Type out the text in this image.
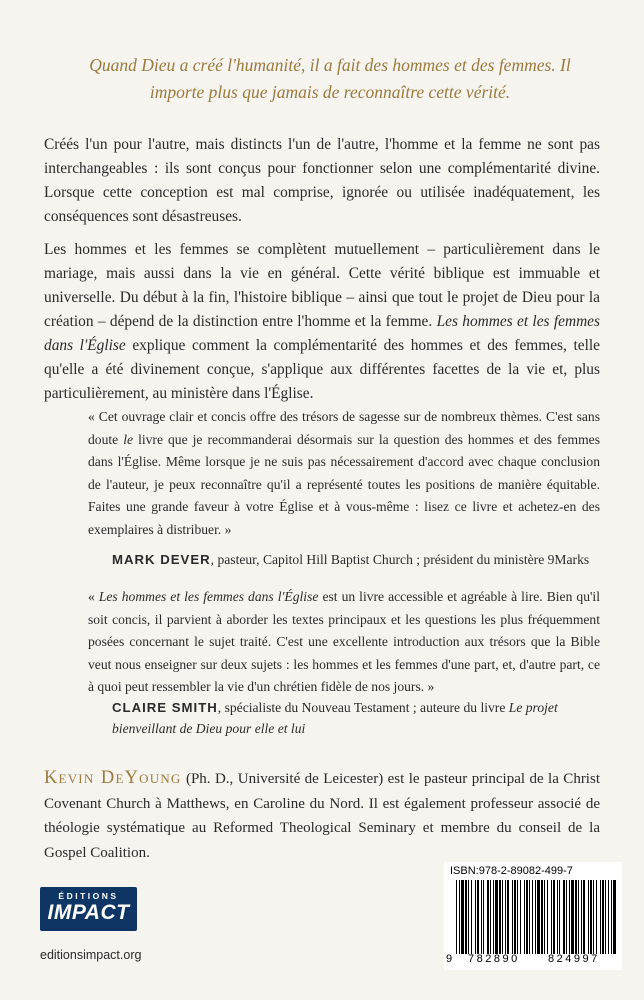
Quand Dieu a créé l'humanité, il a fait des hommes et des femmes. Il importe plus que jamais de reconnaître cette vérité.
Créés l'un pour l'autre, mais distincts l'un de l'autre, l'homme et la femme ne sont pas interchangeables : ils sont conçus pour fonctionner selon une complémentarité divine. Lorsque cette conception est mal comprise, ignorée ou utilisée inadéquatement, les conséquences sont désastreuses.
Les hommes et les femmes se complètent mutuellement – particulièrement dans le mariage, mais aussi dans la vie en général. Cette vérité biblique est immuable et universelle. Du début à la fin, l'histoire biblique – ainsi que tout le projet de Dieu pour la création – dépend de la distinction entre l'homme et la femme. Les hommes et les femmes dans l'Église explique comment la complémentarité des hommes et des femmes, telle qu'elle a été divinement conçue, s'applique aux différentes facettes de la vie et, plus particulièrement, au ministère dans l'Église.
« Cet ouvrage clair et concis offre des trésors de sagesse sur de nombreux thèmes. C'est sans doute le livre que je recommanderai désormais sur la question des hommes et des femmes dans l'Église. Même lorsque je ne suis pas nécessairement d'accord avec chaque conclusion de l'auteur, je peux reconnaître qu'il a représenté toutes les positions de manière équitable. Faites une grande faveur à votre Église et à vous-même : lisez ce livre et achetez-en des exemplaires à distribuer. »
MARK DEVER, pasteur, Capitol Hill Baptist Church ; président du ministère 9Marks
« Les hommes et les femmes dans l'Église est un livre accessible et agréable à lire. Bien qu'il soit concis, il parvient à aborder les textes principaux et les questions les plus fréquemment posées concernant le sujet traité. C'est une excellente introduction aux trésors que la Bible veut nous enseigner sur deux sujets : les hommes et les femmes d'une part, et, d'autre part, ce à quoi peut ressembler la vie d'un chrétien fidèle de nos jours. »
CLAIRE SMITH, spécialiste du Nouveau Testament ; auteure du livre Le projet bienveillant de Dieu pour elle et lui
Kevin DeYoung (Ph. D., Université de Leicester) est le pasteur principal de la Christ Covenant Church à Matthews, en Caroline du Nord. Il est également professeur associé de théologie systématique au Reformed Theological Seminary et membre du conseil de la Gospel Coalition.
ÉDITIONS
IMPACT
editionsimpact.org
ISBN:978-2-89082-499-7
9 782890	824997
